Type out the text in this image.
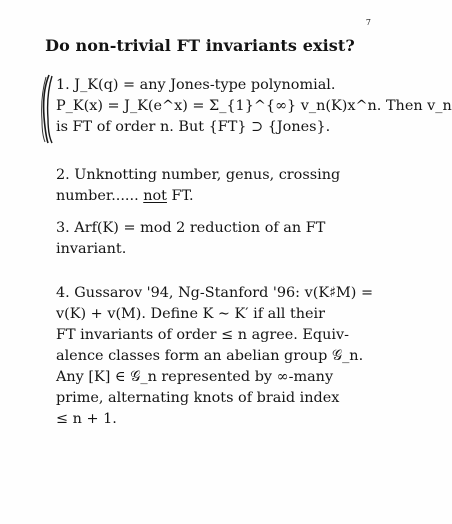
7
Do non-trivial FT invariants exist?
1. J_K(q) = any Jones-type polynomial.
P_K(x) = J_K(e^x) = Σ_{1}^{∞} v_n(K)x^n. Then v_n
is FT of order n. But {FT} ⊃ {Jones}.
2. Unknotting number, genus, crossing
number...... not FT.
3. Arf(K) = mod 2 reduction of an FT
invariant.
4. Gussarov '94, Ng-Stanford '96: v(K♯M) =
v(K) + v(M). Define K ∼ K′ if all their
FT invariants of order ≤ n agree. Equiv-
alence classes form an abelian group 𝒢_n.
Any [K] ∈ 𝒢_n represented by ∞-many
prime, alternating knots of braid index
≤ n + 1.
